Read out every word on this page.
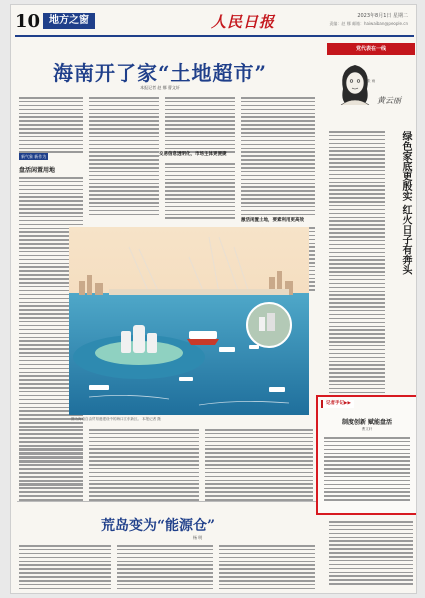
10 地方之窗	人民日报	2023年8月1日 星期二
责编：赵 娜 邮箱：haiwaiban@people.cn
海南开了家“土地超市”
本报记者 赵 娜 曹文轩
新气象 新作为
盘活闲置用地
交易信息透明化，市场主体更便捷
激活闲置土地，要素利用更高效
图为海南自由贸易港建设中的海口江东新区。 本报记者 摄
荒岛变为“能源仓”
杨 明
党代表在一线
张 雨
黄云丽
绿色家底更殷实 红火日子有奔头
记者手记▶▶
制度创新 赋能盘活
曹文轩
